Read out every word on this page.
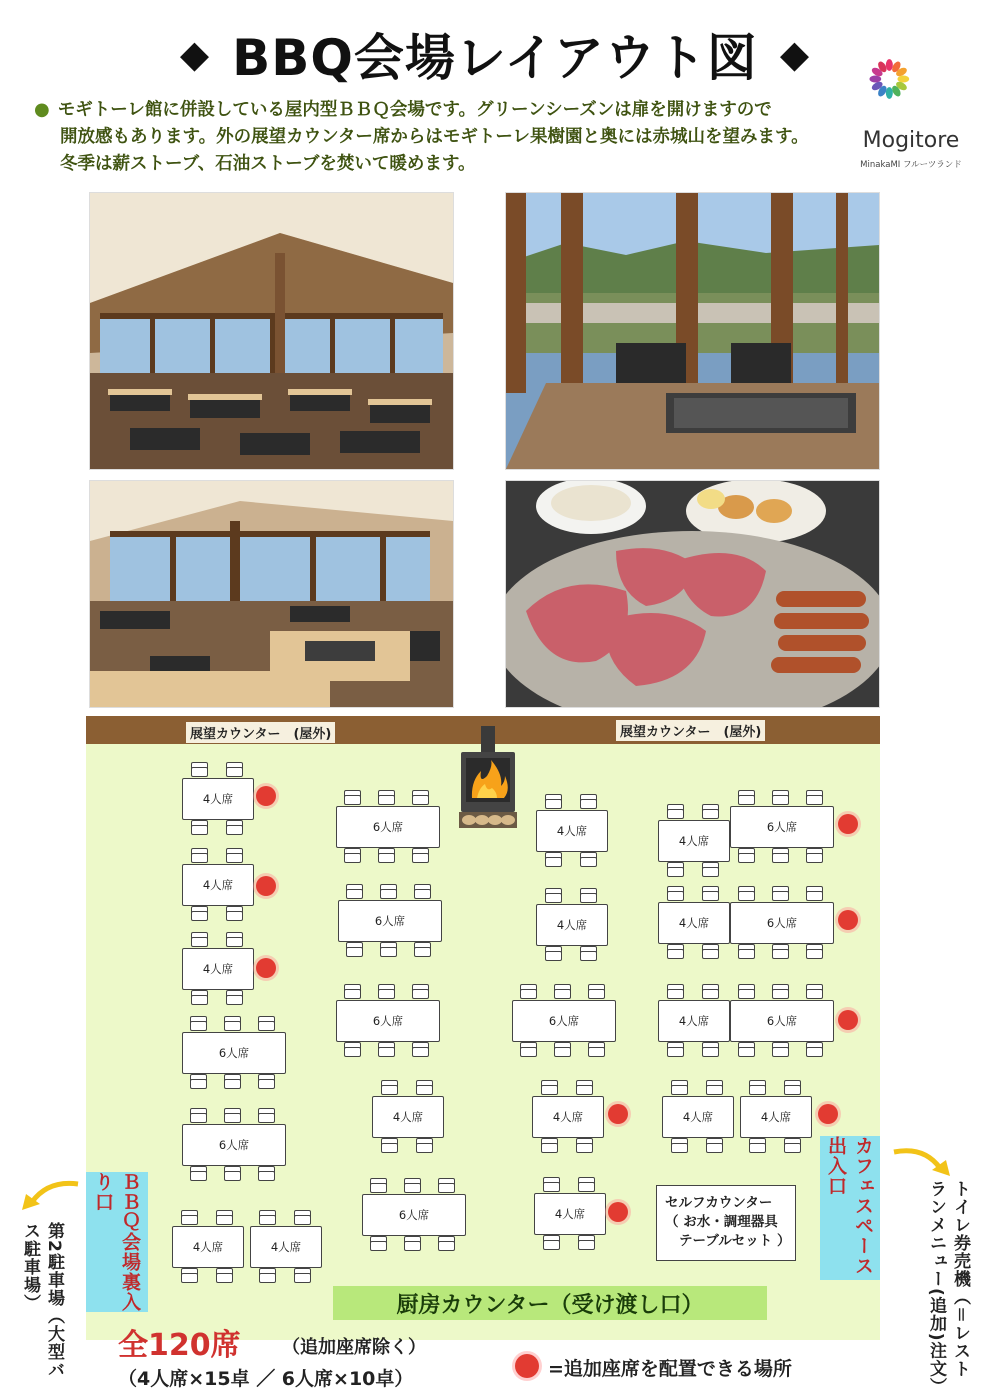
◆ BBQ会場レイアウト図 ◆
● モギトーレ館に併設している屋内型ＢＢＱ会場です。グリーンシーズンは扉を開けますので
開放感もあります。外の展望カウンター席からはモギトーレ果樹園と奥には赤城山を望みます。
冬季は薪ストーブ、石油ストーブを焚いて暖めます。
Mogitore
MinakaMI フルーツランド
展望カウンター　(屋外)	展望カウンター　(屋外)
4人席
4人席
4人席
4人席
4人席
4人席	4人席
4人席
4人席
4人席
4人席
4人席	4人席
4人席	4人席
6人席
6人席
6人席
6人席
6人席
6人席
6人席
6人席
6人席
6人席
セルフカウンター
（ お水・調理器具
テーブルセット ）
ＢＢＱ会場裏入り口	カフェスペース出入口
厨房カウンター（受け渡し口）
第2駐車場（大型バス駐車場）	トイレ券売機（＝レストランメニュー(追加)注文）
全120席 （追加座席除く）
（4人席×15卓 ／ 6人席×10卓）	=追加座席を配置できる場所
